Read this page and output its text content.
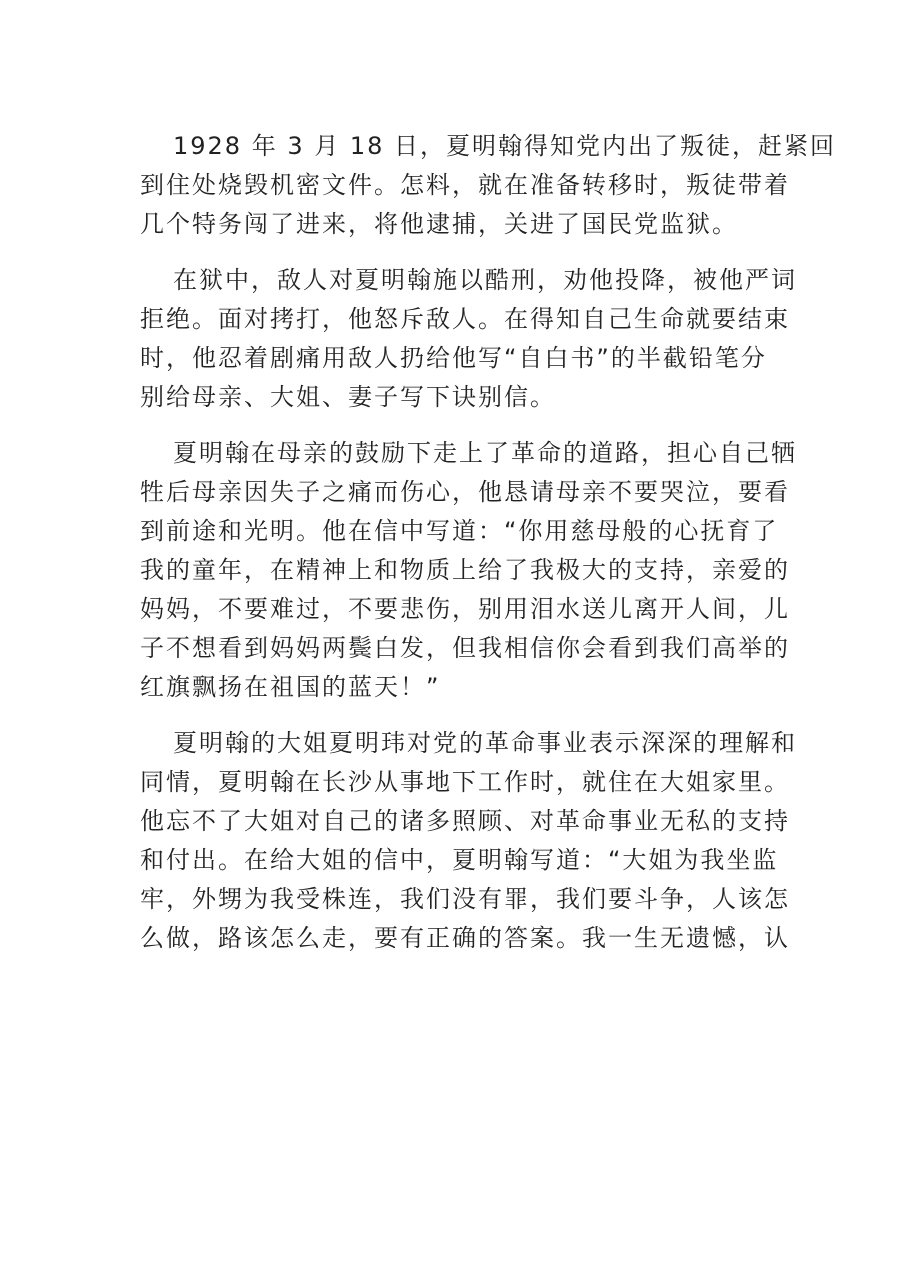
1928 年 3 月 18 日，夏明翰得知党内出了叛徒，赶紧回
到住处烧毁机密文件。怎料，就在准备转移时，叛徒带着
几个特务闯了进来，将他逮捕，关进了国民党监狱。
在狱中，敌人对夏明翰施以酷刑，劝他投降，被他严词
拒绝。面对拷打，他怒斥敌人。在得知自己生命就要结束
时，他忍着剧痛用敌人扔给他写“自白书”的半截铅笔分
别给母亲、大姐、妻子写下诀别信。
夏明翰在母亲的鼓励下走上了革命的道路，担心自己牺
牲后母亲因失子之痛而伤心，他恳请母亲不要哭泣，要看
到前途和光明。他在信中写道：“你用慈母般的心抚育了
我的童年，在精神上和物质上给了我极大的支持，亲爱的
妈妈，不要难过，不要悲伤，别用泪水送儿离开人间，儿
子不想看到妈妈两鬓白发，但我相信你会看到我们高举的
红旗飘扬在祖国的蓝天！”
夏明翰的大姐夏明玮对党的革命事业表示深深的理解和
同情，夏明翰在长沙从事地下工作时，就住在大姐家里。
他忘不了大姐对自己的诸多照顾、对革命事业无私的支持
和付出。在给大姐的信中，夏明翰写道：“大姐为我坐监
牢，外甥为我受株连，我们没有罪，我们要斗争，人该怎
么做，路该怎么走，要有正确的答案。我一生无遗憾，认
